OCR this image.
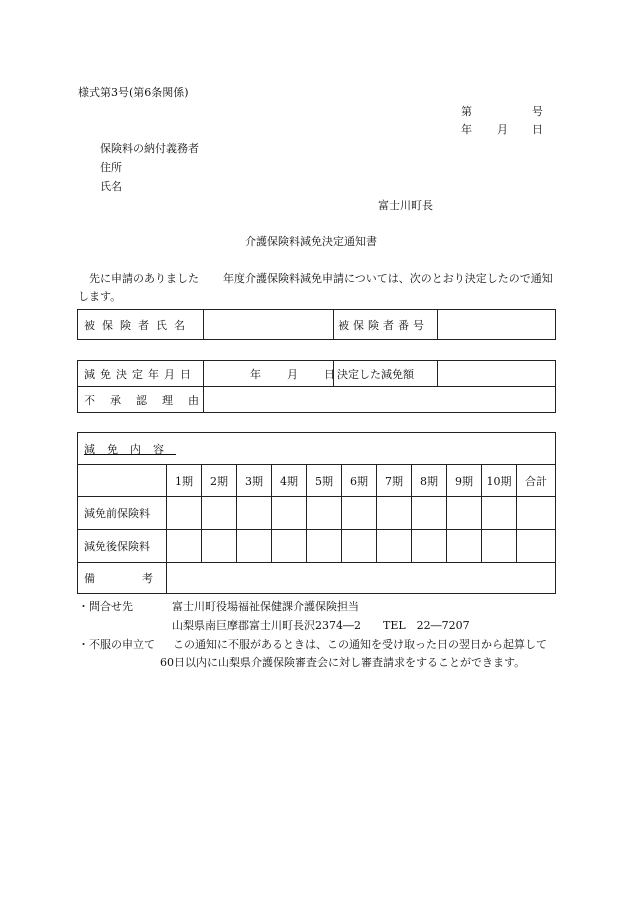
様式第3号(第6条関係)
第	号
年 月 日
保険料の納付義務者
住所
氏名
富士川町長
介護保険料減免決定通知書
先に申請のありました 年度介護保険料減免申請については、次のとおり決定したので通知します。
被保険者氏名		被保険者番号

減免決定年月日	年 月 日	決定した減免額	

不承認理由			

減免内容											
	1期	2期	3期	4期	5期	6期	7期	8期	9期	10期	合計
減免前保険料											
減免後保険料											

備考											

・問合せ先	富士川町役場福祉保健課介護保険担当
山梨県南巨摩郡富士川町長沢2374―2　　TEL　22―7207
・不服の申立て	この通知に不服があるときは、この通知を受け取った日の翌日から起算して60日以内に山梨県介護保険審査会に対し審査請求をすることができます。
